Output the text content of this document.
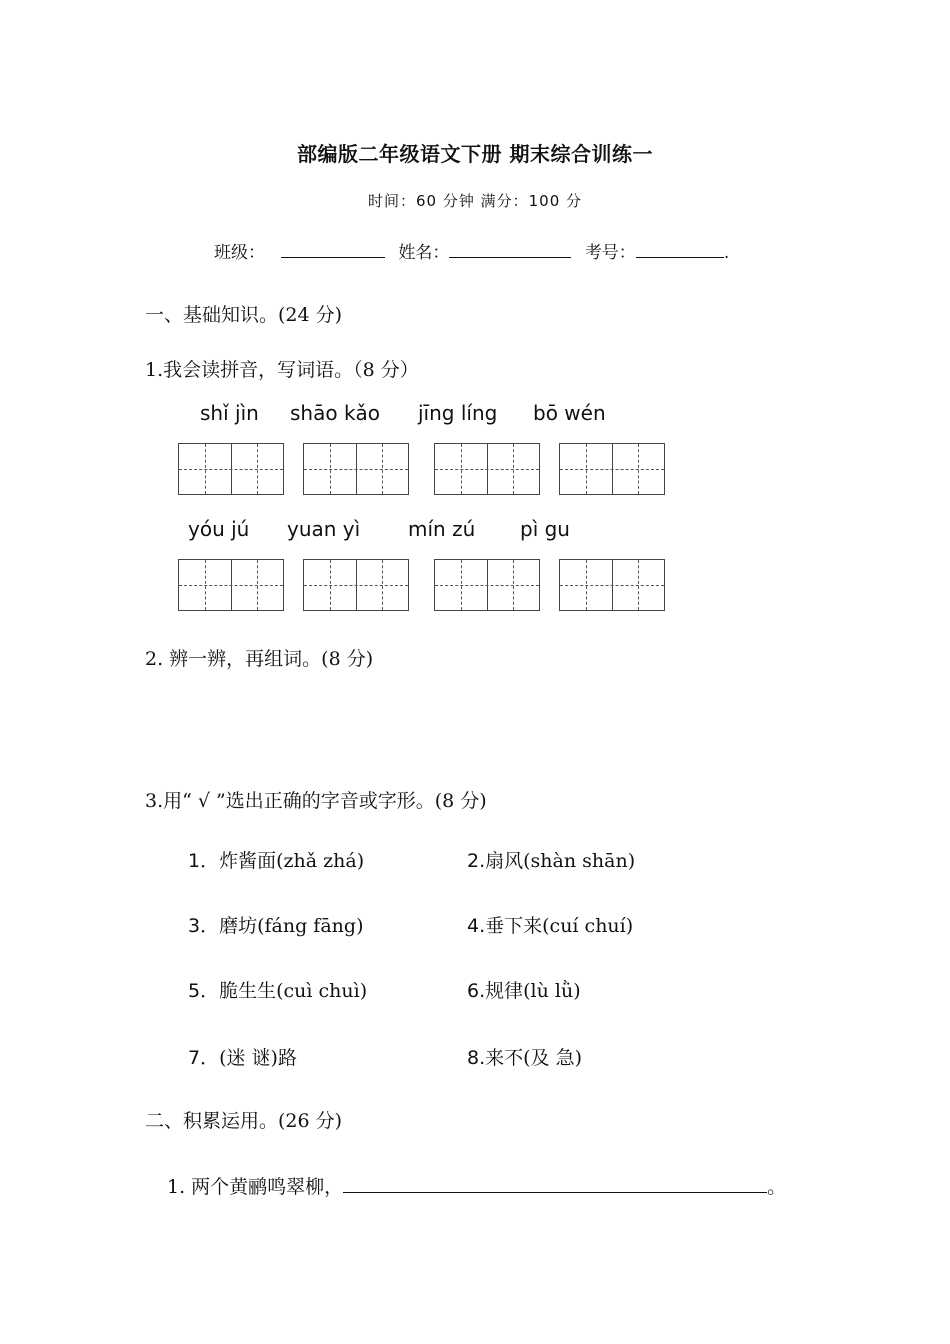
部编版二年级语文下册 期末综合训练一
时间：60 分钟 满分：100 分
班级：	姓名：	考号：	.
一、基础知识。(24 分)
1.我会读拼音，写词语。（8 分）
shǐ jìn shāo kǎo jīng líng bō wén
yóu jú yuan yì mín zú pì gu
2. 辨一辨，再组词。(8 分)
3.用“ √ ”选出正确的字音或字形。(8 分)
1．炸酱面(zhǎ zhá)	2.扇风(shàn shān)
3．磨坊(fáng fāng)	4.垂下来(cuí chuí)
5．脆生生(cuì chuì)	6.规律(lù lǜ)
7．(迷 谜)路	8.来不(及 急)
二、积累运用。(26 分)
1. 两个黄鹂鸣翠柳，	。
